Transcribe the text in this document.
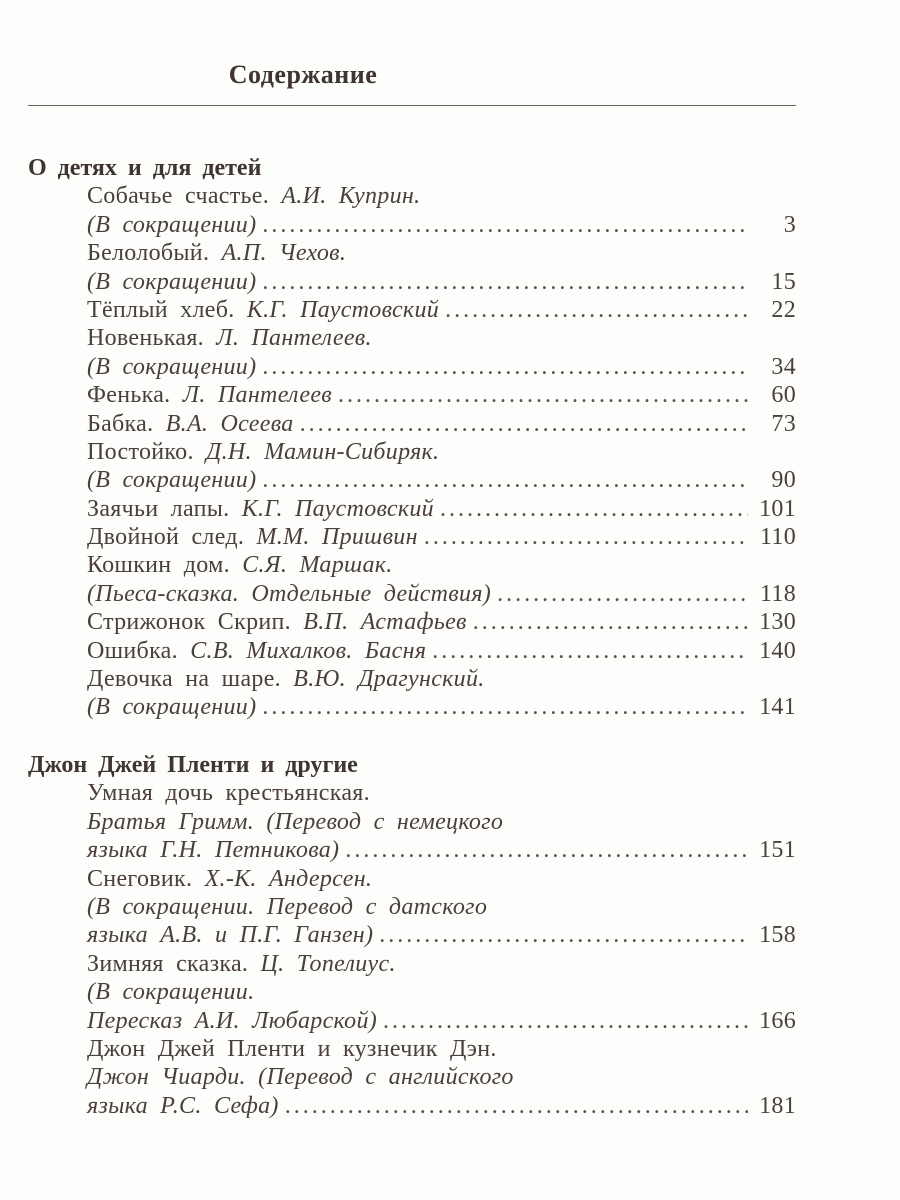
Содержание
О детях и для детей
Собачье счастье. А.И. Куприн.
(В сокращении) .....	3
Белолобый. А.П. Чехов.
(В сокращении) .....	15
Тёплый хлеб. К.Г. Паустовский .....	22
Новенькая. Л. Пантелеев.
(В сокращении) .....	34
Фенька. Л. Пантелеев .....	60
Бабка. В.А. Осеева .....	73
Постойко. Д.Н. Мамин-Сибиряк.
(В сокращении) .....	90
Заячьи лапы. К.Г. Паустовский .....	101
Двойной след. М.М. Пришвин .....	110
Кошкин дом. С.Я. Маршак.
(Пьеса-сказка. Отдельные действия) .....	118
Стрижонок Скрип. В.П. Астафьев .....	130
Ошибка. С.В. Михалков. Басня .....	140
Девочка на шаре. В.Ю. Драгунский.
(В сокращении) .....	141
Джон Джей Пленти и другие
Умная дочь крестьянская.
Братья Гримм. (Перевод с немецкого
языка Г.Н. Петникова) .....	151
Снеговик. Х.-К. Андерсен.
(В сокращении. Перевод с датского
языка А.В. и П.Г. Ганзен) .....	158
Зимняя сказка. Ц. Топелиус.
(В сокращении.
Пересказ А.И. Любарской) .....	166
Джон Джей Пленти и кузнечик Дэн.
Джон Чиарди. (Перевод с английского
языка Р.С. Сефа) .....	181
